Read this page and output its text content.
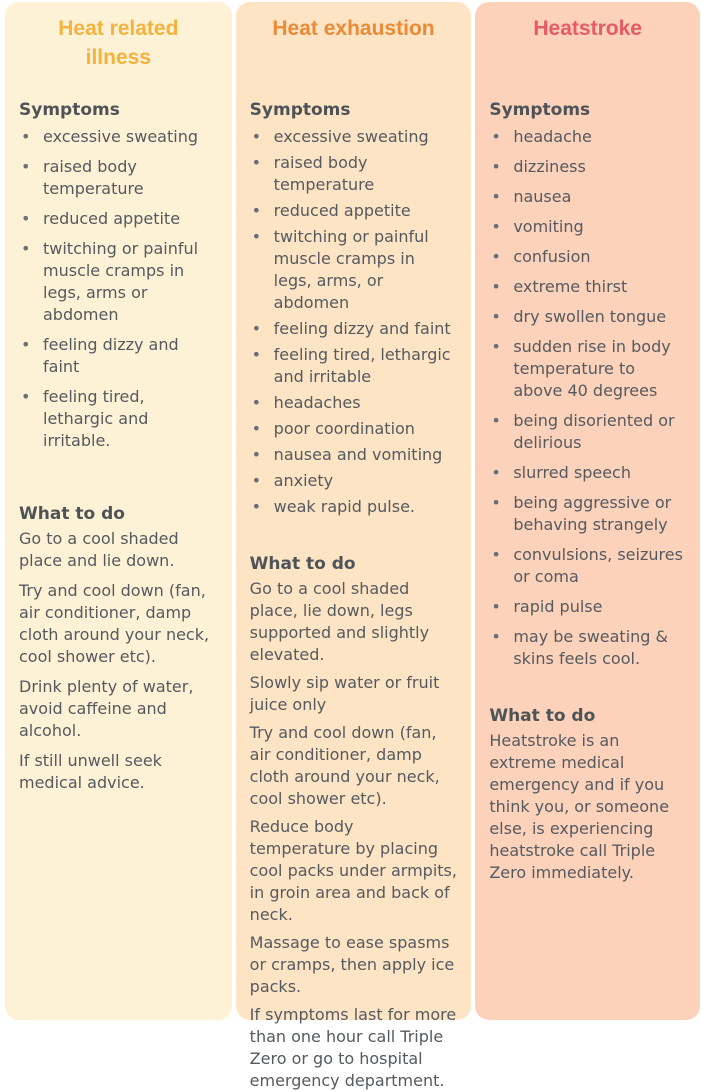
Heat related illness
Symptoms
• excessive sweating
• raised body temperature
• reduced appetite
• twitching or painful muscle cramps in legs, arms or abdomen
• feeling dizzy and faint
• feeling tired, lethargic and irritable.
What to do

Go to a cool shaded place and lie down.

Try and cool down (fan, air conditioner, damp cloth around your neck, cool shower etc).

Drink plenty of water, avoid caffeine and alcohol.

If still unwell seek medical advice.

Heat exhaustion
Symptoms
• excessive sweating
• raised body temperature
• reduced appetite
• twitching or painful muscle cramps in legs, arms, or abdomen
• feeling dizzy and faint
• feeling tired, lethargic and irritable
• headaches
• poor coordination
• nausea and vomiting
• anxiety
• weak rapid pulse.
What to do

Go to a cool shaded place, lie down, legs supported and slightly elevated.

Slowly sip water or fruit juice only

Try and cool down (fan, air conditioner, damp cloth around your neck, cool shower etc).

Reduce body temperature by placing cool packs under armpits, in groin area and back of neck.

Massage to ease spasms or cramps, then apply ice packs.

If symptoms last for more than one hour call Triple Zero or go to hospital emergency department.

Heatstroke
Symptoms
• headache
• dizziness
• nausea
• vomiting
• confusion
• extreme thirst
• dry swollen tongue
• sudden rise in body temperature to above 40 degrees
• being disoriented or delirious
• slurred speech
• being aggressive or behaving strangely
• convulsions, seizures or coma
• rapid pulse
• may be sweating & skins feels cool.
What to do

Heatstroke is an extreme medical emergency and if you think you, or someone else, is experiencing heatstroke call Triple Zero immediately.
